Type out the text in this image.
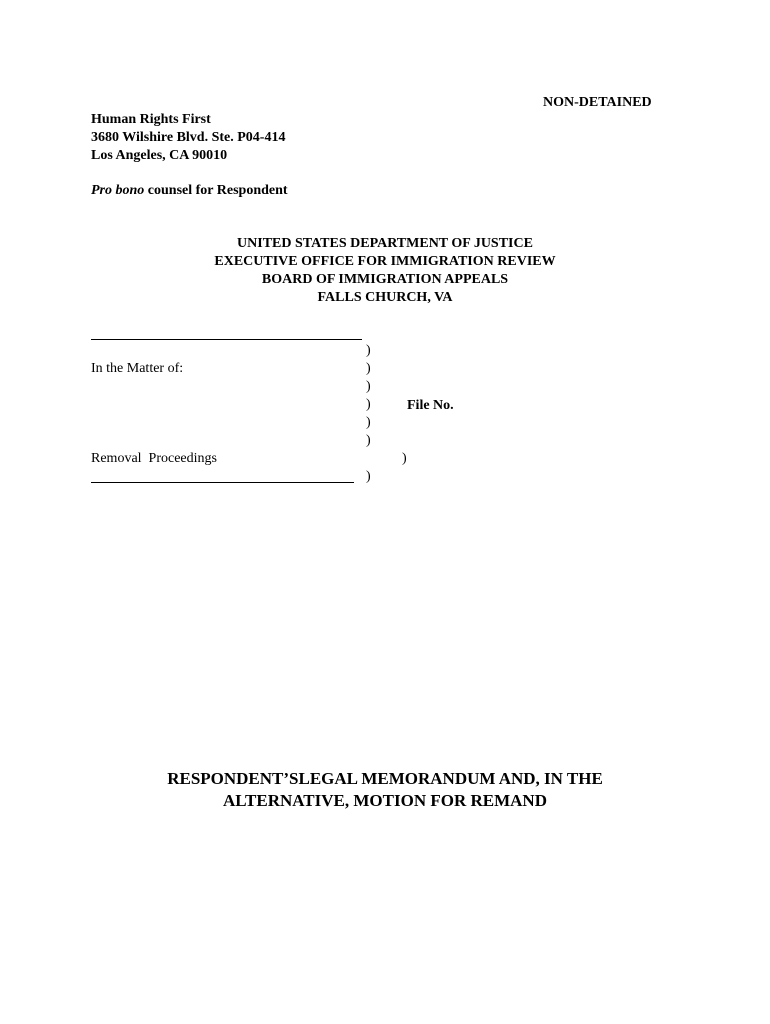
NON-DETAINED
Human Rights First
3680 Wilshire Blvd. Ste. P04-414
Los Angeles, CA 90010
Pro bono counsel for Respondent
UNITED STATES DEPARTMENT OF JUSTICE
EXECUTIVE OFFICE FOR IMMIGRATION REVIEW
BOARD OF IMMIGRATION APPEALS
FALLS CHURCH, VA
)
)
)
)
)
)
)
)
In the Matter of:
File No.
Removal  Proceedings
RESPONDENT’SLEGAL MEMORANDUM AND, IN THE
ALTERNATIVE, MOTION FOR REMAND
